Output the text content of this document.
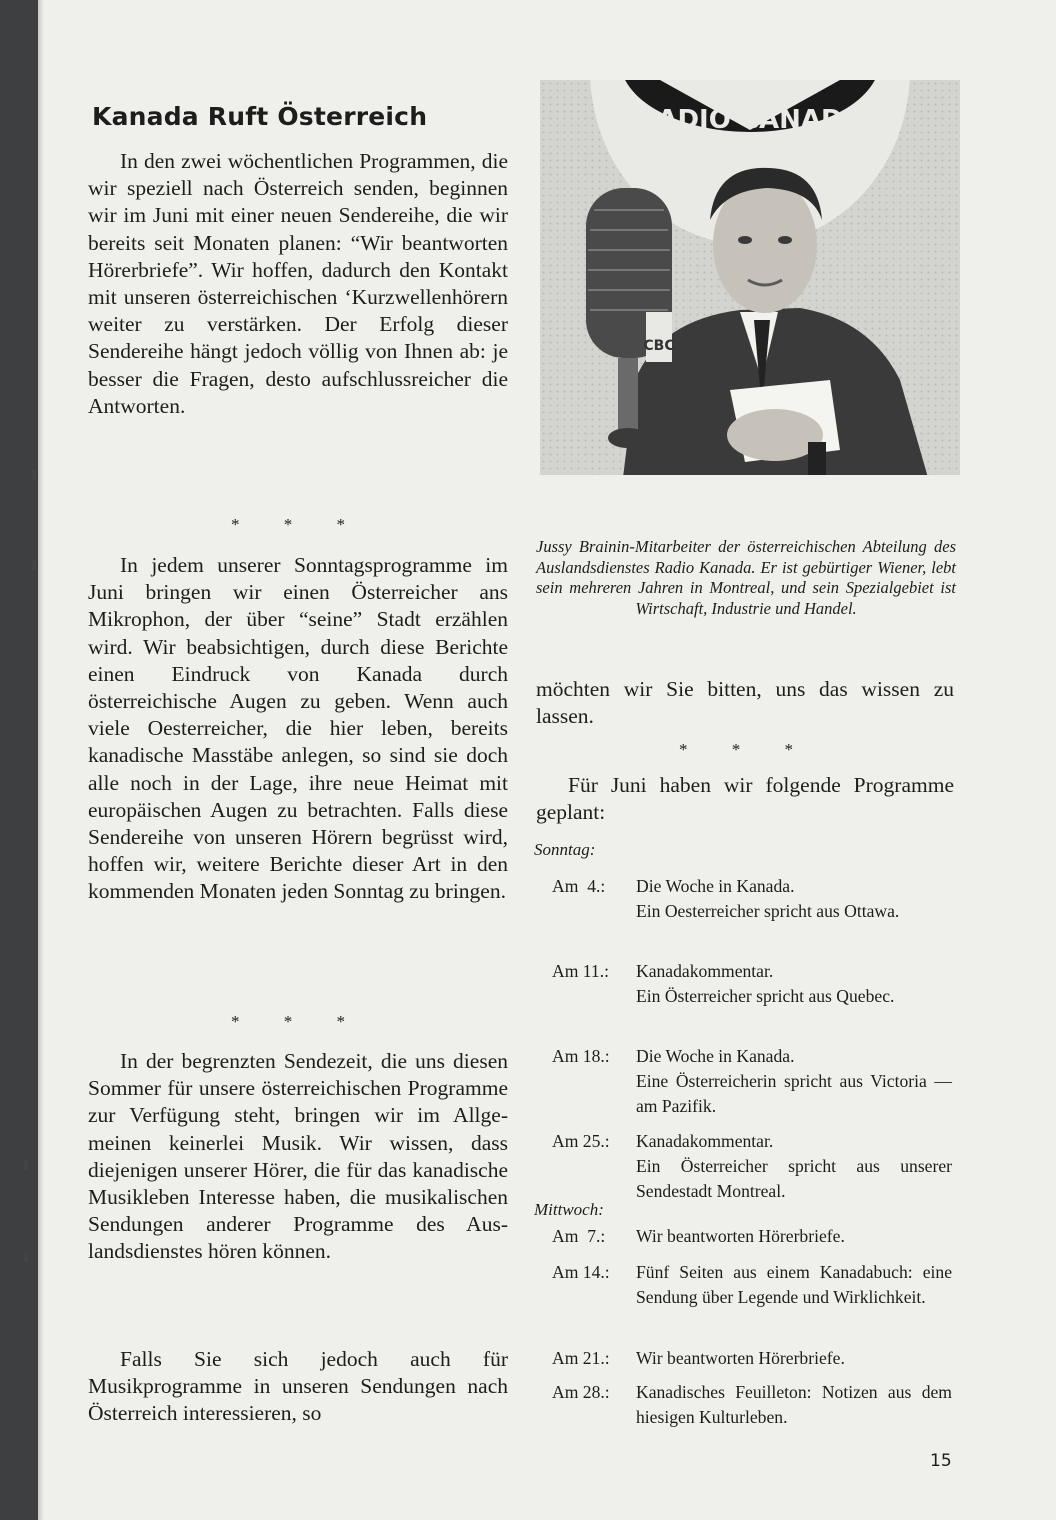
Kanada Ruft Österreich

In den zwei wöchentlichen Programmen, die wir speziell nach Österreich senden, beginnen wir im Juni mit einer neuen Sendereihe, die wir bereits seit Monaten planen: “Wir beantworten Hörerbriefe”. Wir hoffen, dadurch den Kontakt mit unseren österreichischen ‘Kurzwellenhörern weiter zu verstärken. Der Erfolg dieser Sendereihe hängt jedoch völlig von Ihnen ab: je besser die Fragen, desto aufschlussreicher die Antworten.

* * *

In jedem unserer Sonntagsprogramme im Juni bringen wir einen Österreicher ans Mikrophon, der über “seine” Stadt erzählen wird. Wir beabsichtigen, durch diese Berichte einen Eindruck von Kanada durch österreichische Augen zu geben. Wenn auch viele Oesterreicher, die hier leben, bereits kanadische Masstäbe anlegen, so sind sie doch alle noch in der Lage, ihre neue Heimat mit europäischen Augen zu betrachten. Falls diese Sendereihe von unseren Hörern begrüsst wird, hoffen wir, weitere Berichte dieser Art in den kommenden Monaten jeden Sonntag zu bringen.

* * *

In der begrenzten Sendezeit, die uns diesen Sommer für unsere österreichischen Programme zur Verfügung steht, bringen wir im Allgemeinen keinerlei Musik. Wir wissen, dass diejenigen unserer Hörer, die für das kanadische Musikleben Interesse haben, die musikalischen Sendungen anderer Programme des Auslandsdienstes hören können.

Falls Sie sich jedoch auch für Musikprogramme in unseren Sendungen nach Österreich interessieren, so

RADIO CANADA
CBC

Jussy Brainin-Mitarbeiter der österreichischen Abteilung des Auslandsdienstes Radio Kanada. Er ist gebürtiger Wiener, lebt sein mehreren Jahren in Montreal, und sein Spezialgebiet ist Wirtschaft, Industrie und Handel.

möchten wir Sie bitten, uns das wissen zu lassen.

* * *

Für Juni haben wir folgende Programme geplant:

Sonntag:
Am  4.:	Die Woche in Kanada.
Ein Oesterreicher spricht aus Ottawa.
Am 11.:	Kanadakommentar.
Ein Österreicher spricht aus Quebec.
Am 18.:	Die Woche in Kanada.
Eine Österreicherin spricht aus Victoria — am Pazifik.
Am 25.:	Kanadakommentar.
Ein Österreicher spricht aus unserer Sendestadt Montreal.
Mittwoch:
Am  7.:	Wir beantworten Hörerbriefe.
Am 14.:	Fünf Seiten aus einem Kanadabuch: eine Sendung über Legende und Wirklichkeit.
Am 21.:	Wir beantworten Hörerbriefe.
Am 28.:	Kanadisches Feuilleton: Notizen aus dem hiesigen Kulturleben.
15
